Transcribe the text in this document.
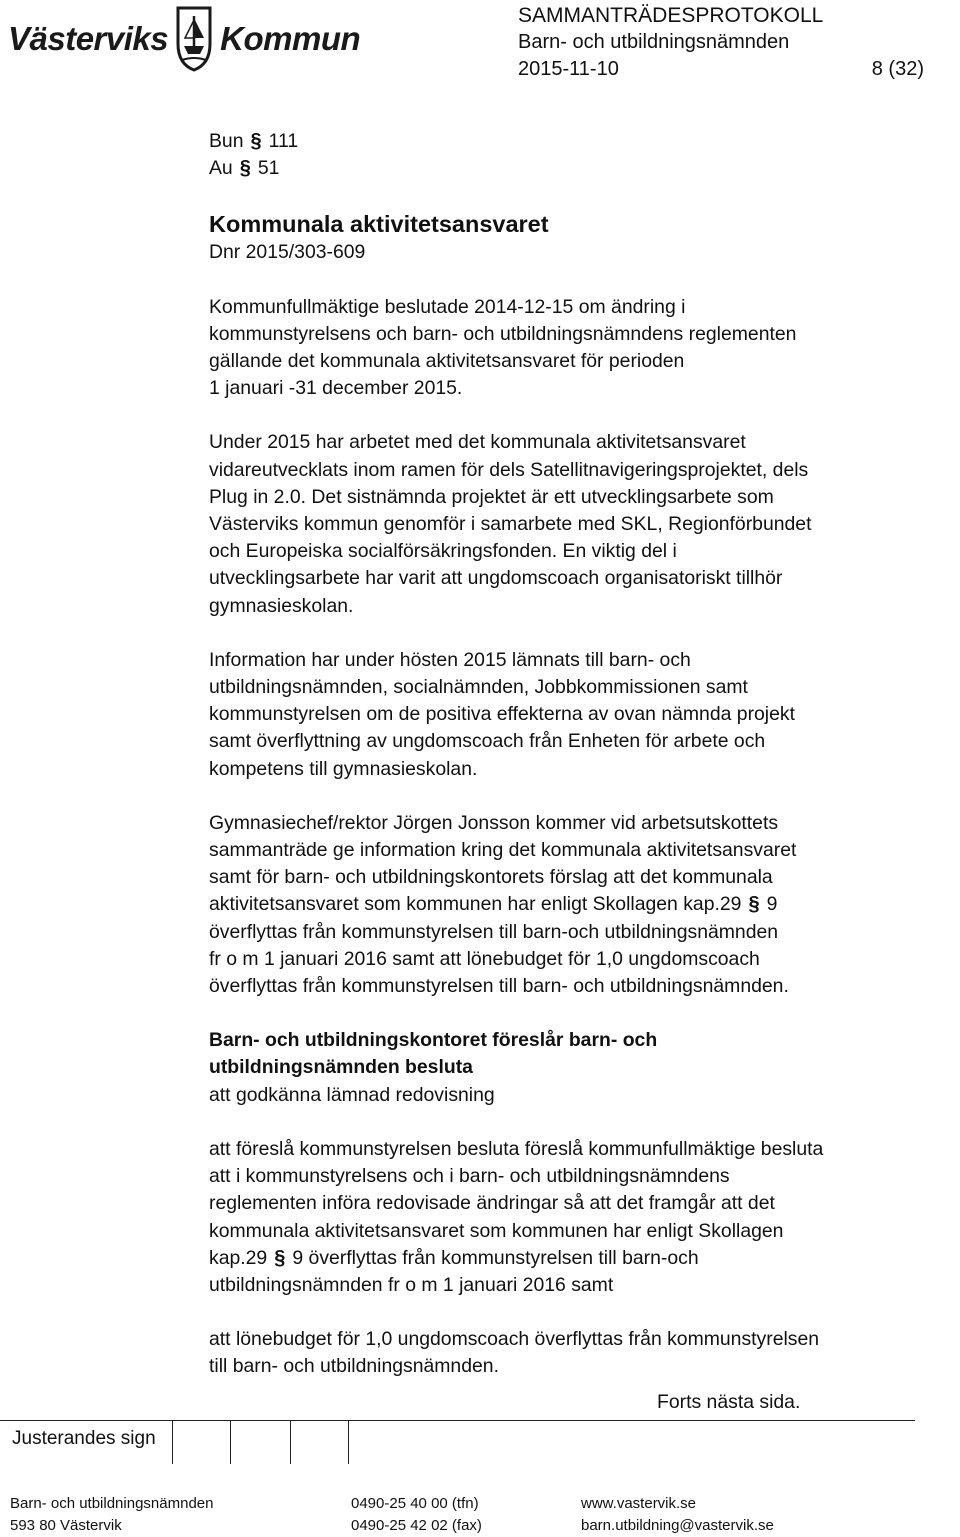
Västerviks Kommun
SAMMANTRÄDESPROTOKOLL
Barn- och utbildningsnämnden
2015-11-10	8 (32)

Bun § 111

Au § 51

Kommunala aktivitetsansvaret

Dnr 2015/303-609

Kommunfullmäktige beslutade 2014-12-15 om ändring i

kommunstyrelsens och barn- och utbildningsnämndens reglementen

gällande det kommunala aktivitetsansvaret för perioden

1 januari -31 december 2015.

Under 2015 har arbetet med det kommunala aktivitetsansvaret

vidareutvecklats inom ramen för dels Satellitnavigeringsprojektet, dels

Plug in 2.0. Det sistnämnda projektet är ett utvecklingsarbete som

Västerviks kommun genomför i samarbete med SKL, Regionförbundet

och Europeiska socialförsäkringsfonden. En viktig del i

utvecklingsarbete har varit att ungdomscoach organisatoriskt tillhör

gymnasieskolan.

Information har under hösten 2015 lämnats till barn- och

utbildningsnämnden, socialnämnden, Jobbkommissionen samt

kommunstyrelsen om de positiva effekterna av ovan nämnda projekt

samt överflyttning av ungdomscoach från Enheten för arbete och

kompetens till gymnasieskolan.

Gymnasiechef/rektor Jörgen Jonsson kommer vid arbetsutskottets

sammanträde ge information kring det kommunala aktivitetsansvaret

samt för barn- och utbildningskontorets förslag att det kommunala

aktivitetsansvaret som kommunen har enligt Skollagen kap.29 § 9

överflyttas från kommunstyrelsen till barn-och utbildningsnämnden

fr o m 1 januari 2016 samt att lönebudget för 1,0 ungdomscoach

överflyttas från kommunstyrelsen till barn- och utbildningsnämnden.

Barn- och utbildningskontoret föreslår barn- och

utbildningsnämnden besluta

att godkänna lämnad redovisning

att föreslå kommunstyrelsen besluta föreslå kommunfullmäktige besluta

att i kommunstyrelsens och i barn- och utbildningsnämndens

reglementen införa redovisade ändringar så att det framgår att det

kommunala aktivitetsansvaret som kommunen har enligt Skollagen

kap.29 § 9 överflyttas från kommunstyrelsen till barn-och

utbildningsnämnden fr o m 1 januari 2016 samt

att lönebudget för 1,0 ungdomscoach överflyttas från kommunstyrelsen

till barn- och utbildningsnämnden.

Forts nästa sida.
Justerandes sign
Barn- och utbildningsnämnden
593 80 Västervik
0490-25 40 00 (tfn)
0490-25 42 02 (fax)
www.vastervik.se
barn.utbildning@vastervik.se
